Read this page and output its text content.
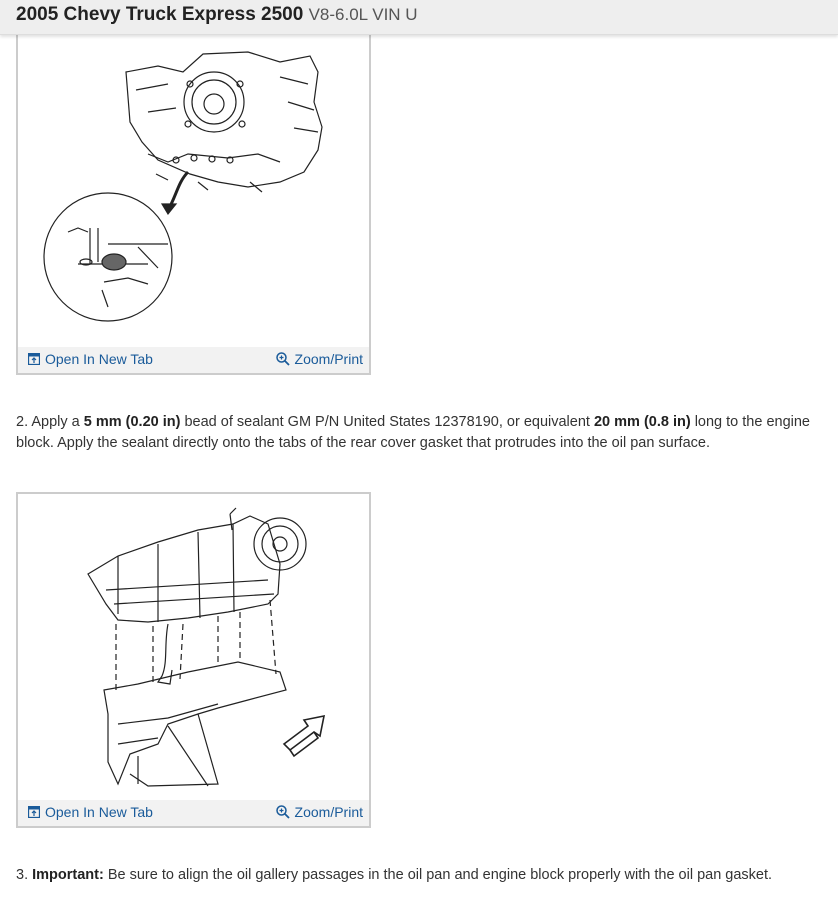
2005 Chevy Truck Express 2500 V8-6.0L VIN U
Open In New Tab	Zoom/Print
2. Apply a 5 mm (0.20 in) bead of sealant GM P/N United States 12378190, or equivalent 20 mm (0.8 in) long to the engine block. Apply the sealant directly onto the tabs of the rear cover gasket that protrudes into the oil pan surface.
Open In New Tab	Zoom/Print
3. Important: Be sure to align the oil gallery passages in the oil pan and engine block properly with the oil pan gasket.
